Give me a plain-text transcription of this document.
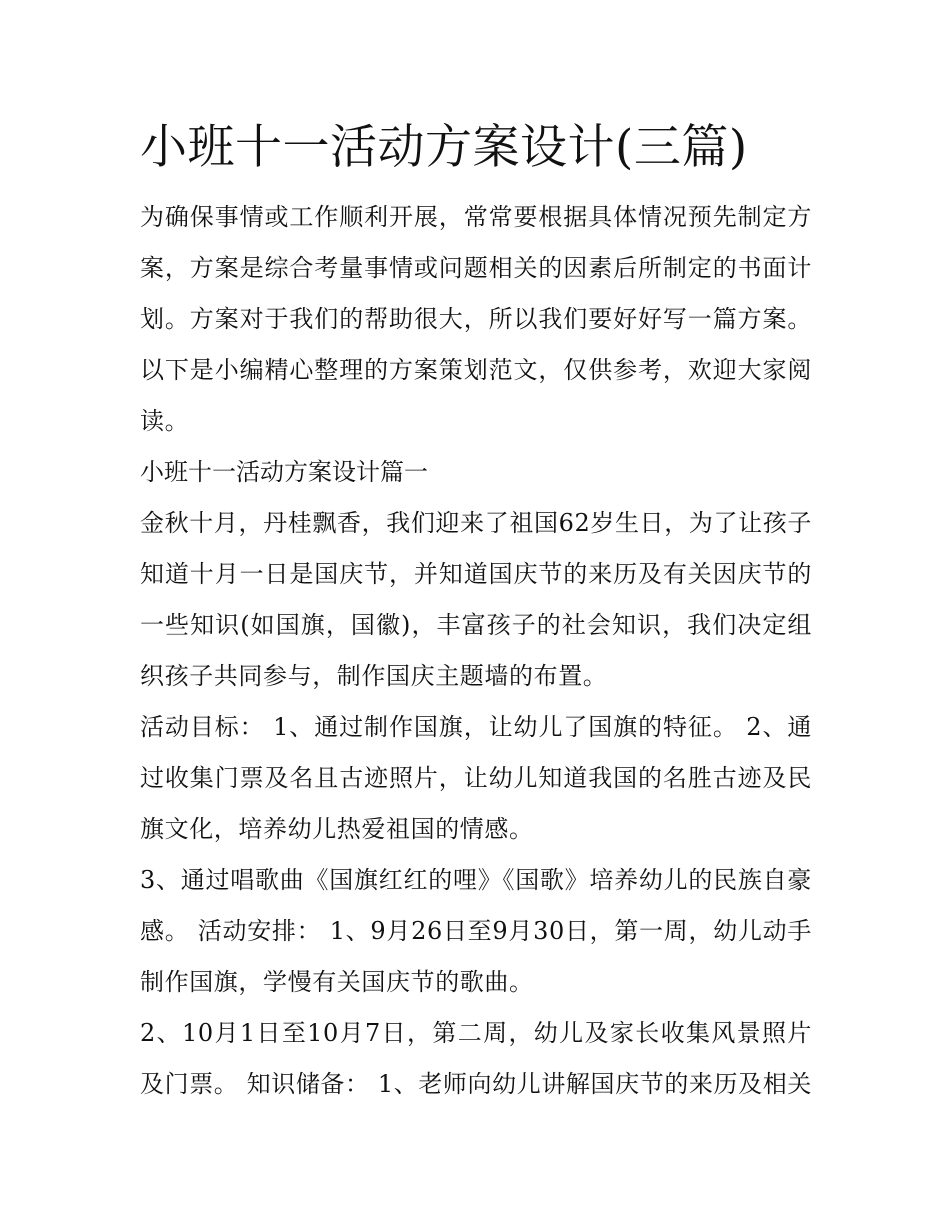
小班十一活动方案设计(三篇)

为确保事情或工作顺利开展，常常要根据具体情况预先制定方案，方案是综合考量事情或问题相关的因素后所制定的书面计划。方案对于我们的帮助很大，所以我们要好好写一篇方案。以下是小编精心整理的方案策划范文，仅供参考，欢迎大家阅读。

小班十一活动方案设计篇一

金秋十月，丹桂飘香，我们迎来了祖国62岁生日，为了让孩子知道十月一日是国庆节，并知道国庆节的来历及有关因庆节的一些知识(如国旗，国徽)，丰富孩子的社会知识，我们决定组织孩子共同参与，制作国庆主题墙的布置。

活动目标： 1、通过制作国旗，让幼儿了国旗的特征。 2、通过收集门票及名且古迹照片，让幼儿知道我国的名胜古迹及民旗文化，培养幼儿热爱祖国的情感。

3、通过唱歌曲《国旗红红的哩》《国歌》培养幼儿的民族自豪感。 活动安排： 1、9月26日至9月30日，第一周，幼儿动手制作国旗，学慢有关国庆节的歌曲。

2、10月1日至10月7日，第二周，幼儿及家长收集风景照片及门票。 知识储备： 1、老师向幼儿讲解国庆节的来历及相关
